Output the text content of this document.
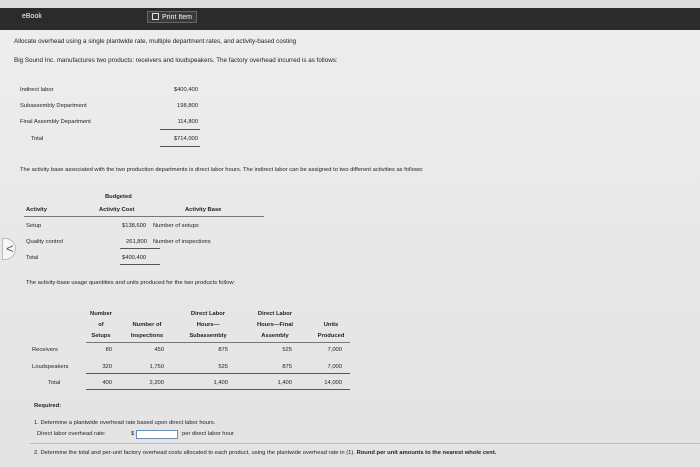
eBook	Print Item
Allocate overhead using a single plantwide rate, multiple department rates, and activity-based costing
Big Sound Inc. manufactures two products: receivers and loudspeakers. The factory overhead incurred is as follows:
Indirect labor	$400,400
Subassembly Department	198,800
Final Assembly Department	114,800
Total	$714,000
The activity base associated with the two production departments is direct labor hours. The indirect labor can be assigned to two different activities as follows:
Budgeted
Activity	Activity Cost	Activity Base
Setup	$138,600 Number of setups
Quality control	261,800 Number of inspections
Total	$400,400
The activity-base usage quantities and units produced for the two products follow:
Number
of
Setups
Number of
Inspections
Direct Labor
Hours—
Subassembly
Direct Labor
Hours—Final
Assembly
Units
Produced
Receivers	80	450	875	525	7,000
Loudspeakers	320	1,750	525	875	7,000
Total	400	2,200	1,400	1,400	14,000
Required:
1. Determine a plantwide overhead rate based upon direct labor hours.
Direct labor overhead rate:	$	per direct labor hour
2. Determine the total and per-unit factory overhead costs allocated to each product, using the plantwide overhead rate in (1). Round per unit amounts to the nearest whole cent.
<
